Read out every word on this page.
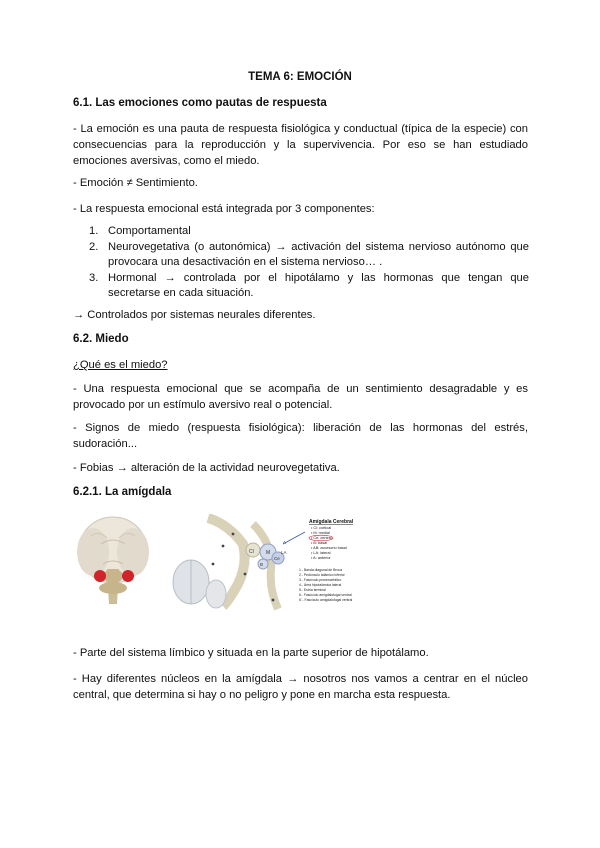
TEMA 6: EMOCIÓN
6.1. Las emociones como pautas de respuesta

- La emoción es una pauta de respuesta fisiológica y conductual (típica de la especie) con consecuencias para la reproducción y la supervivencia. Por eso se han estudiado emociones aversivas, como el miedo.

- Emoción ≠ Sentimiento.

- La respuesta emocional está integrada por 3 componentes:

1. Comportamental
2. Neurovegetativa (o autonómica) → activación del sistema nervioso autónomo que provocara una desactivación en el sistema nervioso… .
3. Hormonal → controlada por el hipotálamo y las hormonas que tengan que secretarse en cada situación.

→ Controlados por sistemas neurales diferentes.

6.2. Miedo

¿Qué es el miedo?

- Una respuesta emocional que se acompaña de un sentimiento desagradable y es provocado por un estímulo aversivo real o potencial.

- Signos de miedo (respuesta fisiológica): liberación de las hormonas del estrés, sudoración...

- Fobias → alteración de la actividad neurovegetativa.

6.2.1. La amígdala
Cl M
Ce
LA
B
A
Amígdala Cerebral
• Cl: cortical
• M: medial
• Ce: central
• B: basal
• AB: accesorio basal
• LA: lateral
• A: anterior
1.- Banda diagonal de Broca
2.- Pedúnculo talámico inferior
3.- Fascículo prosencefálico
4.- Área hipotalámica lateral
5.- Estría terminal
6.- Fascículo amigdalofugal ventral
6'.- Fascículo amigdalofugal ventral

- Parte del sistema límbico y situada en la parte superior de hipotálamo.

- Hay diferentes núcleos en la amígdala → nosotros nos vamos a centrar en el núcleo central, que determina si hay o no peligro y pone en marcha esta respuesta.
